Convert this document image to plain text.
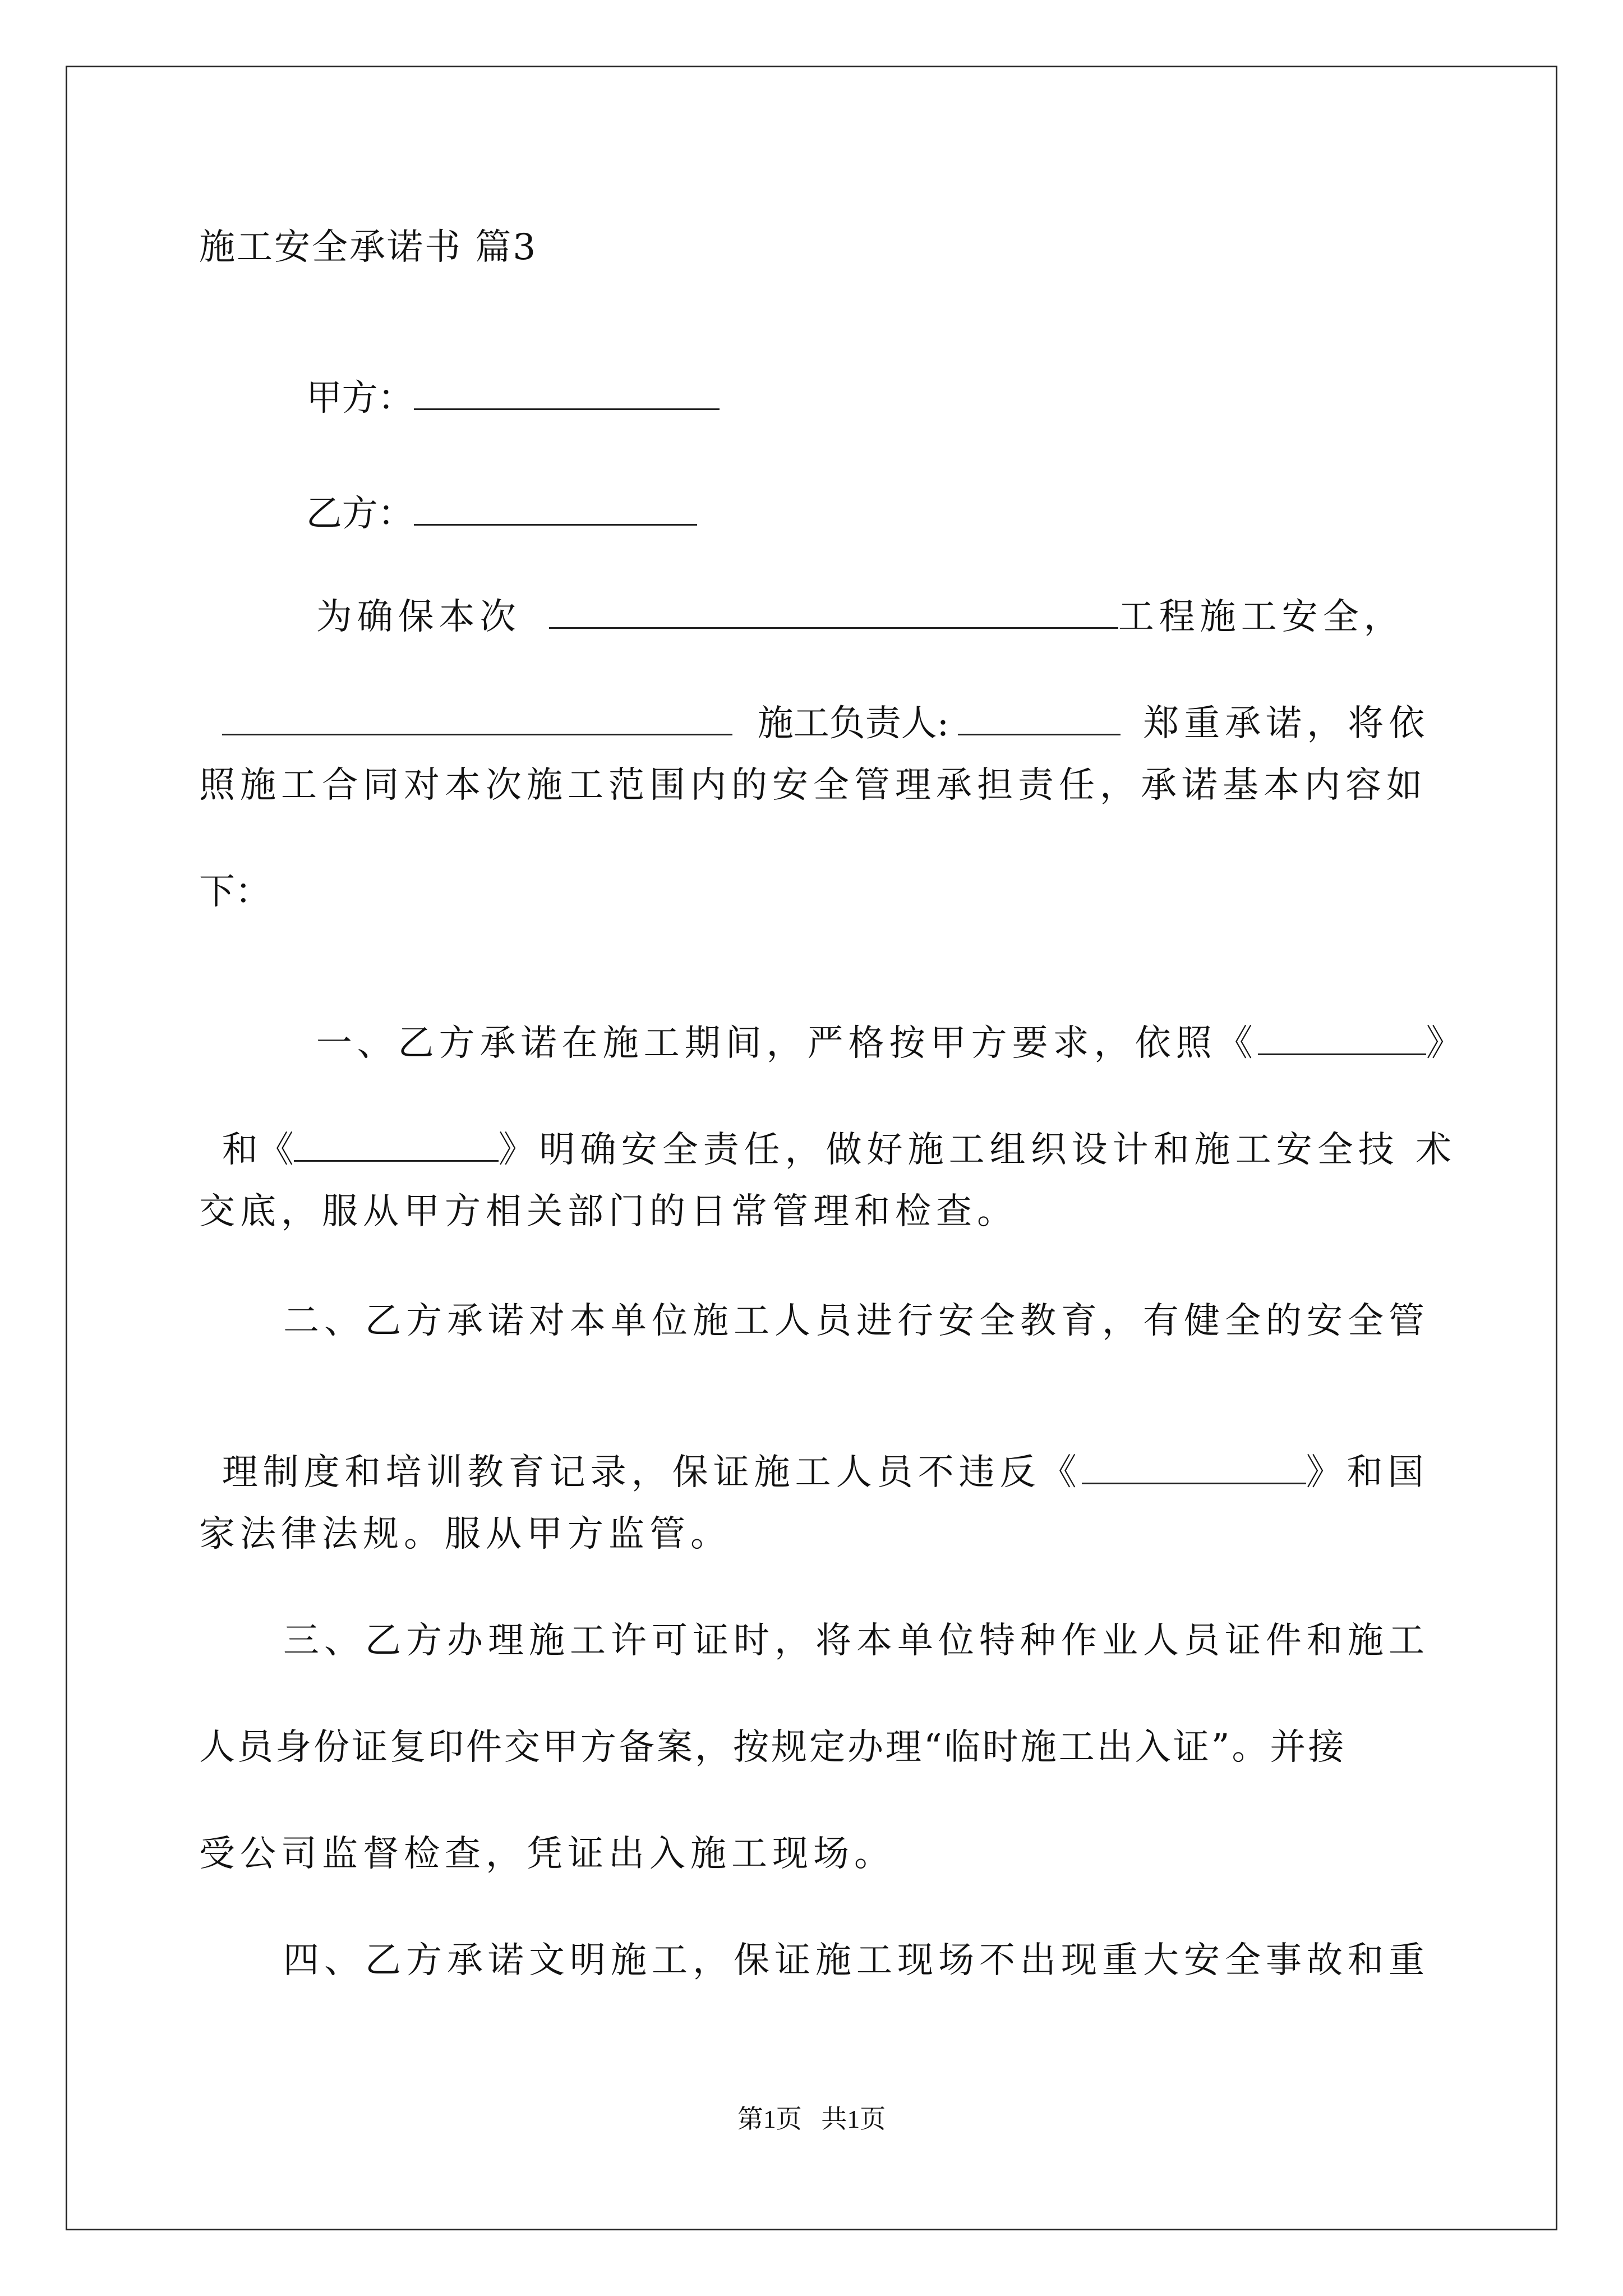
施工安全承诺书 篇3

甲方：

乙方：

为确保本次	工程施工安全，

施工负责人:	郑重承诺，将依

照施工合同对本次施工范围内的安全管理承担责任，承诺基本内容如
下：

一、乙方承诺在施工期间，严格按甲方要求，依照《	》

和《	》明确安全责任，做好施工组织设计和施工安全技 术

交底，服从甲方相关部门的日常管理和检查。
二、乙方承诺对本单位施工人员进行安全教育，有健全的安全管

理制度和培训教育记录，保证施工人员不违反《	》和国

家法律法规。服从甲方监管。
三、乙方办理施工许可证时，将本单位特种作业人员证件和施工
人员身份证复印件交甲方备案，按规定办理“临时施工出入证”。并接
受公司监督检查，凭证出入施工现场。
四、乙方承诺文明施工，保证施工现场不出现重大安全事故和重
第1页   共1页
